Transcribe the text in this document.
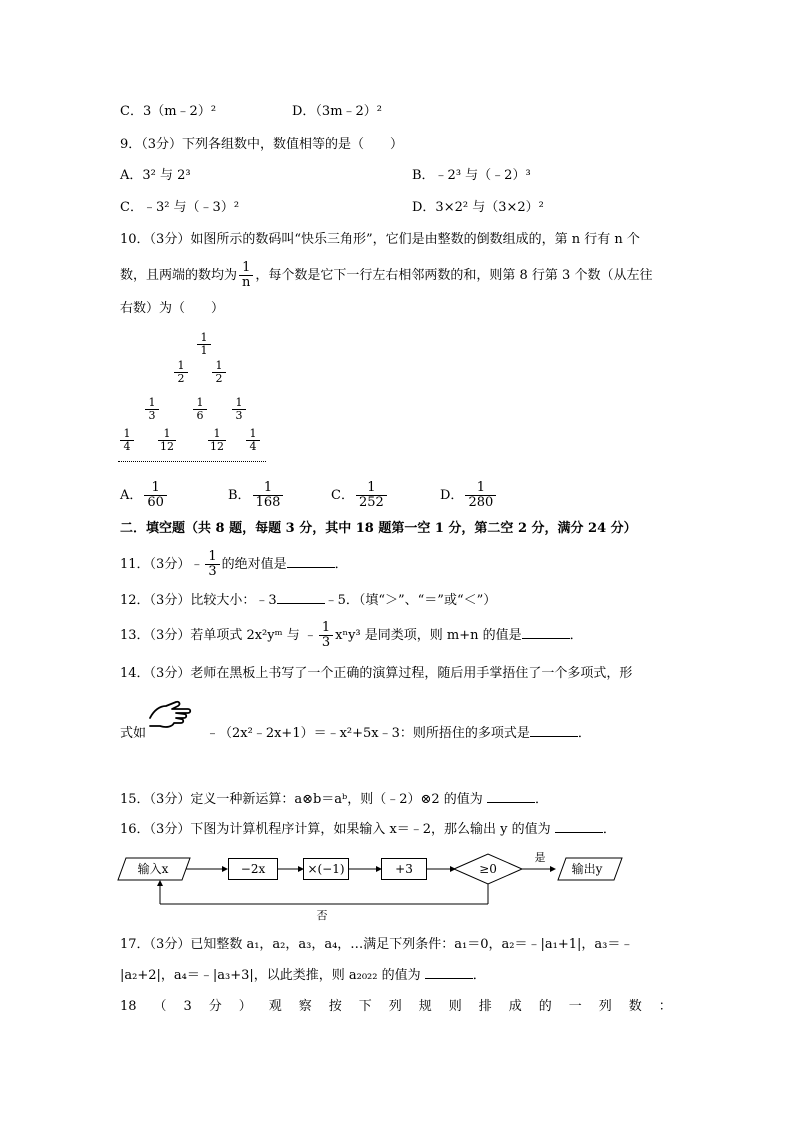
C．3（m﹣2）²	D．（3m﹣2）²
9．（3分）下列各组数中，数值相等的是（　　）
A．3² 与 2³	B．﹣2³ 与（﹣2）³
C．﹣3² 与（﹣3）²	D．3×2² 与（3×2）²
10．（3分）如图所示的数码叫“快乐三角形”，它们是由整数的倒数组成的，第 n 行有 n 个
数，且两端的数均为 $\frac{1}{n}$ ，每个数是它下一行左右相邻两数的和，则第 8 行第 3 个数（从左往
右数）为（　　）
1
1
1
2
1
2
1
3
1
6
1
3
1
4
1
12
1
12
1
4
A． $\frac{1}{60}$	B． $\frac{1}{168}$	C． $\frac{1}{252}$	D． $\frac{1}{280}$
二．填空题（共 8 题，每题 3 分，其中 18 题第一空 1 分，第二空 2 分，满分 24 分）
11．（3分）﹣ $\frac{1}{3}$ 的绝对值是	．
12．（3分）比较大小：﹣3	﹣5．（填“＞”、“＝”或“＜”）
13．（3分）若单项式 2x²yᵐ 与 ﹣ $\frac{1}{3} x^ny^3$ 是同类项，则 m+n 的值是	．
14．（3分）老师在黑板上书写了一个正确的演算过程，随后用手掌捂住了一个多项式，形
式如	﹣（2x²﹣2x+1）＝﹣x²+5x﹣3：则所捂住的多项式是	．
15．（3分）定义一种新运算：a⊗b＝aᵇ，则（﹣2）⊗2 的值为	．
16．（3分）下图为计算机程序计算，如果输入 x＝﹣2，那么输出 y 的值为	．
输入x	−2x	×(−1)	+3	≥0
是
输出y
否
17．（3分）已知整数 a₁，a₂，a₃，a₄，…满足下列条件：a₁＝0，a₂＝﹣|a₁+1|，a₃＝﹣
|a₂+2|，a₄＝﹣|a₃+3|，以此类推，则 a₂₀₂₂ 的值为	．
18 （ 3 分 ） 观 察 按 下 列 规 则 排 成 的 一 列 数 ：
